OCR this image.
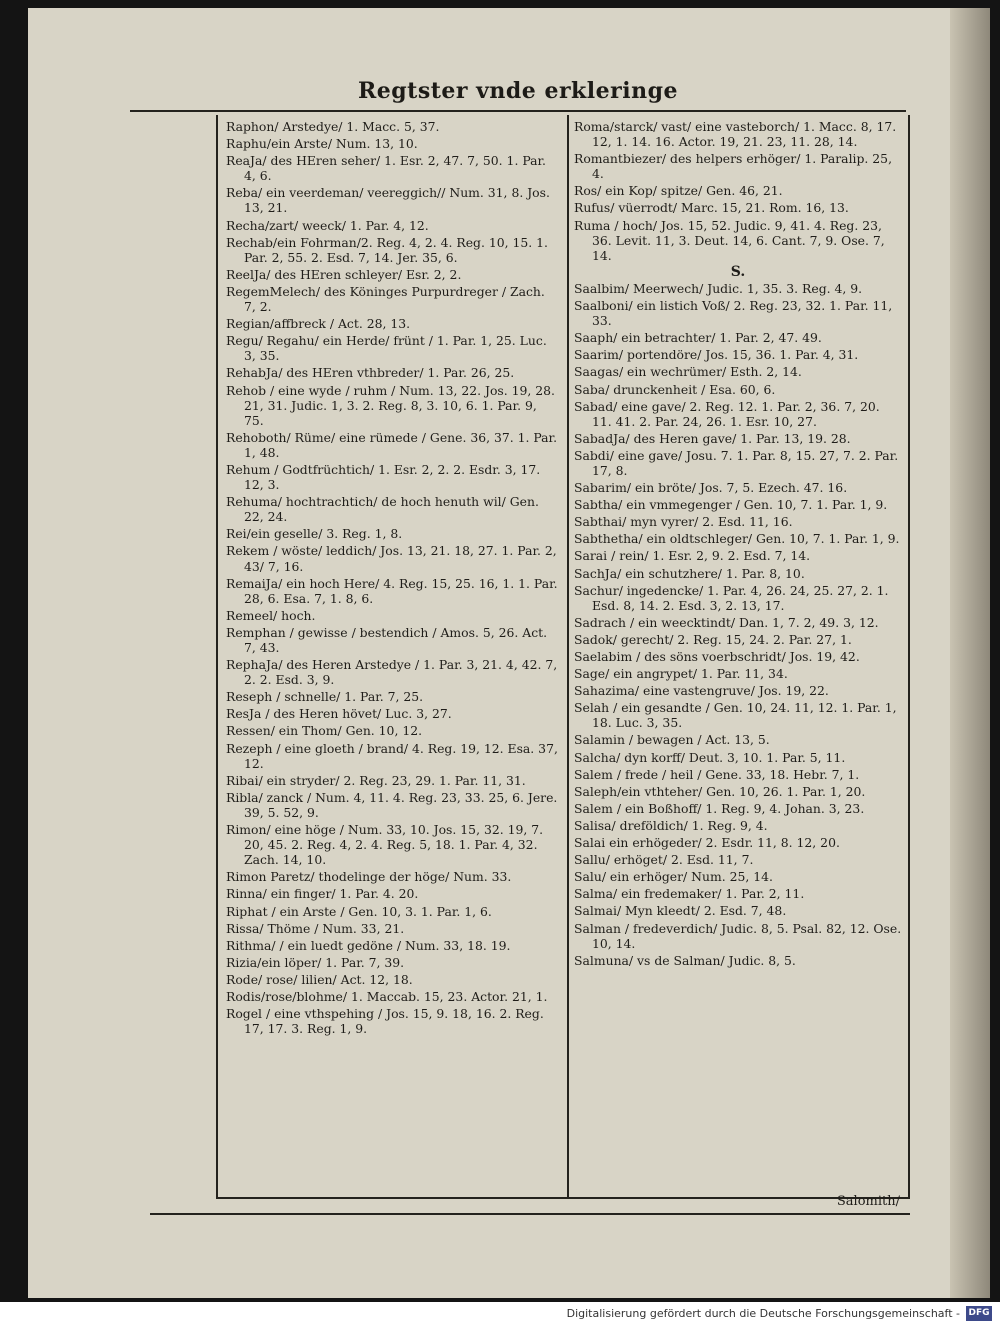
Regtster vnde erkleringe
Raphon/ Arstedye/ 1. Macc. 5, 37.
Raphu/ein Arste/ Num. 13, 10.
ReaJa/ des HEren seher/ 1. Esr. 2, 47. 7, 50. 1. Par. 4, 6.
Reba/ ein veerdeman/ veereggich// Num. 31, 8. Jos. 13, 21.
Recha/zart/ weeck/ 1. Par. 4, 12.
Rechab/ein Fohrman/2. Reg. 4, 2. 4. Reg. 10, 15. 1. Par. 2, 55. 2. Esd. 7, 14. Jer. 35, 6.
ReelJa/ des HEren schleyer/ Esr. 2, 2.
RegemMelech/ des Köninges Purpurdreger / Zach. 7, 2.
Regian/affbreck / Act. 28, 13.
Regu/ Regahu/ ein Herde/ frünt / 1. Par. 1, 25. Luc. 3, 35.
RehabJa/ des HEren vthbreder/ 1. Par. 26, 25.
Rehob / eine wyde / ruhm / Num. 13, 22. Jos. 19, 28. 21, 31. Judic. 1, 3. 2. Reg. 8, 3. 10, 6. 1. Par. 9, 75.
Rehoboth/ Rüme/ eine rümede / Gene. 36, 37. 1. Par. 1, 48.
Rehum / Godtfrüchtich/ 1. Esr. 2, 2. 2. Esdr. 3, 17. 12, 3.
Rehuma/ hochtrachtich/ de hoch henuth wil/ Gen. 22, 24.
Rei/ein geselle/ 3. Reg. 1, 8.
Rekem / wöste/ leddich/ Jos. 13, 21. 18, 27. 1. Par. 2, 43/ 7, 16.
RemaiJa/ ein hoch Here/ 4. Reg. 15, 25. 16, 1. 1. Par. 28, 6. Esa. 7, 1. 8, 6.
Remeel/ hoch.
Remphan / gewisse / bestendich / Amos. 5, 26. Act. 7, 43.
RephaJa/ des Heren Arstedye / 1. Par. 3, 21. 4, 42. 7, 2. 2. Esd. 3, 9.
Reseph / schnelle/ 1. Par. 7, 25.
ResJa / des Heren hövet/ Luc. 3, 27.
Ressen/ ein Thom/ Gen. 10, 12.
Rezeph / eine gloeth / brand/ 4. Reg. 19, 12. Esa. 37, 12.
Ribai/ ein stryder/ 2. Reg. 23, 29. 1. Par. 11, 31.
Ribla/ zanck / Num. 4, 11. 4. Reg. 23, 33. 25, 6. Jere. 39, 5. 52, 9.
Rimon/ eine höge / Num. 33, 10. Jos. 15, 32. 19, 7. 20, 45. 2. Reg. 4, 2. 4. Reg. 5, 18. 1. Par. 4, 32. Zach. 14, 10.
Rimon Paretz/ thodelinge der höge/ Num. 33.
Rinna/ ein finger/ 1. Par. 4. 20.
Riphat / ein Arste / Gen. 10, 3. 1. Par. 1, 6.
Rissa/ Thöme / Num. 33, 21.
Rithma/ / ein luedt gedöne / Num. 33, 18. 19.
Rizia/ein löper/ 1. Par. 7, 39.
Rode/ rose/ lilien/ Act. 12, 18.
Rodis/rose/blohme/ 1. Maccab. 15, 23. Actor. 21, 1.
Rogel / eine vthspehing / Jos. 15, 9. 18, 16. 2. Reg. 17, 17. 3. Reg. 1, 9.
Roma/starck/ vast/ eine vasteborch/ 1. Macc. 8, 17. 12, 1. 14. 16. Actor. 19, 21. 23, 11. 28, 14.
Romantbiezer/ des helpers erhöger/ 1. Paralip. 25, 4.
Ros/ ein Kop/ spitze/ Gen. 46, 21.
Rufus/ vüerrodt/ Marc. 15, 21. Rom. 16, 13.
Ruma / hoch/ Jos. 15, 52. Judic. 9, 41. 4. Reg. 23, 36. Levit. 11, 3. Deut. 14, 6. Cant. 7, 9. Ose. 7, 14.
S.
Saalbim/ Meerwech/ Judic. 1, 35. 3. Reg. 4, 9.
Saalboni/ ein listich Voß/ 2. Reg. 23, 32. 1. Par. 11, 33.
Saaph/ ein betrachter/ 1. Par. 2, 47. 49.
Saarim/ portendöre/ Jos. 15, 36. 1. Par. 4, 31.
Saagas/ ein wechrümer/ Esth. 2, 14.
Saba/ drunckenheit / Esa. 60, 6.
Sabad/ eine gave/ 2. Reg. 12. 1. Par. 2, 36. 7, 20. 11. 41. 2. Par. 24, 26. 1. Esr. 10, 27.
SabadJa/ des Heren gave/ 1. Par. 13, 19. 28.
Sabdi/ eine gave/ Josu. 7. 1. Par. 8, 15. 27, 7. 2. Par. 17, 8.
Sabarim/ ein bröte/ Jos. 7, 5. Ezech. 47. 16.
Sabtha/ ein vmmegenger / Gen. 10, 7. 1. Par. 1, 9.
Sabthai/ myn vyrer/ 2. Esd. 11, 16.
Sabthetha/ ein oldtschleger/ Gen. 10, 7. 1. Par. 1, 9.
Sarai / rein/ 1. Esr. 2, 9. 2. Esd. 7, 14.
SachJa/ ein schutzhere/ 1. Par. 8, 10.
Sachur/ ingedencke/ 1. Par. 4, 26. 24, 25. 27, 2. 1. Esd. 8, 14. 2. Esd. 3, 2. 13, 17.
Sadrach / ein weecktindt/ Dan. 1, 7. 2, 49. 3, 12.
Sadok/ gerecht/ 2. Reg. 15, 24. 2. Par. 27, 1.
Saelabim / des söns voerbschridt/ Jos. 19, 42.
Sage/ ein angrypet/ 1. Par. 11, 34.
Sahazima/ eine vastengruve/ Jos. 19, 22.
Selah / ein gesandte / Gen. 10, 24. 11, 12. 1. Par. 1, 18. Luc. 3, 35.
Salamin / bewagen / Act. 13, 5.
Salcha/ dyn korff/ Deut. 3, 10. 1. Par. 5, 11.
Salem / frede / heil / Gene. 33, 18. Hebr. 7, 1.
Saleph/ein vthteher/ Gen. 10, 26. 1. Par. 1, 20.
Salem / ein Boßhoff/ 1. Reg. 9, 4. Johan. 3, 23.
Salisa/ dreföldich/ 1. Reg. 9, 4.
Salai ein erhögeder/ 2. Esdr. 11, 8. 12, 20.
Sallu/ erhöget/ 2. Esd. 11, 7.
Salu/ ein erhöger/ Num. 25, 14.
Salma/ ein fredemaker/ 1. Par. 2, 11.
Salmai/ Myn kleedt/ 2. Esd. 7, 48.
Salman / fredeverdich/ Judic. 8, 5. Psal. 82, 12. Ose. 10, 14.
Salmuna/ vs de Salman/ Judic. 8, 5.
Salomith/
Digitalisierung gefördert durch die Deutsche Forschungsgemeinschaft - DFG
